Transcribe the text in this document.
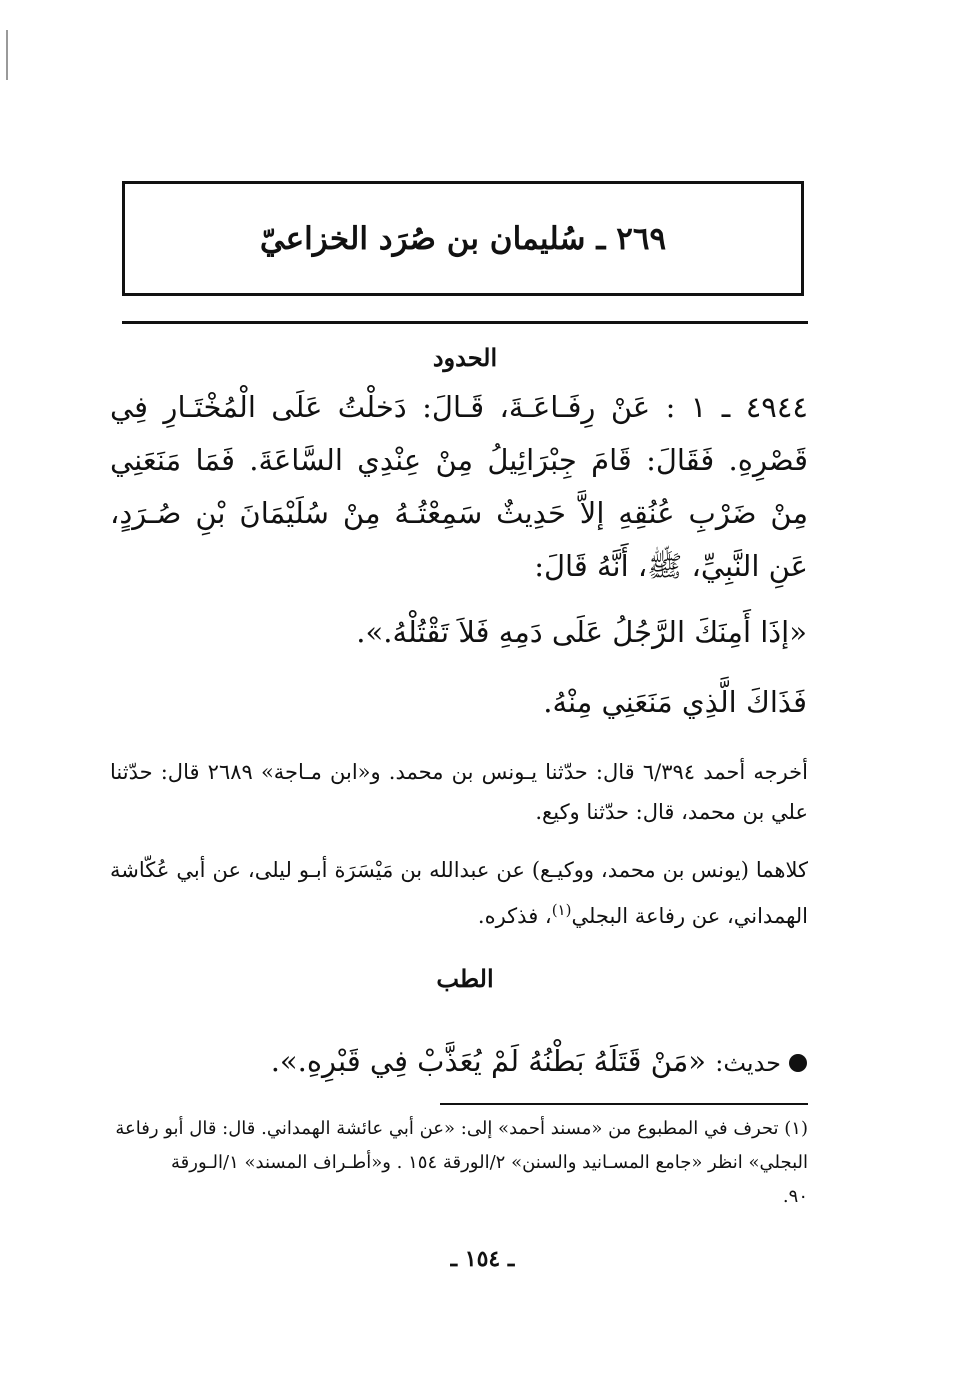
٢٦٩ ـ سُليمان بن صُرَد الخزاعيّ
الحدود
٤٩٤٤ ـ ١ : عَنْ رِفَـاعَـةَ، قَـالَ: دَخلْتُ عَلَى الْمُخْتَـارِ فِي قَصْرِهِ. فَقَالَ: قَامَ جِبْرَائِيلُ مِنْ عِنْدِي السَّاعَةَ. فَمَا مَنَعَنِي مِنْ ضَرْبِ عُنُقِهِ إلاَّ حَدِيثٌ سَمِعْتُـهُ مِنْ سُلَيْمَانَ بْنِ صُـرَدٍ، عَنِ النَّبِيِّ، ﷺ، أَنَّهُ قَالَ:
«إذَا أَمِنَكَ الرَّجُلُ عَلَى دَمِهِ فَلاَ تَقْتُلْهُ.».
فَذَاكَ الَّذِي مَنَعَنِي مِنْهُ.
أخرجه أحمد ٦/٣٩٤ قال: حدّثنا يـونس بن محمد. و«ابن مـاجة» ٢٦٨٩ قال: حدّثنا علي بن محمد، قال: حدّثنا وكيع.
كلاهما (يونس بن محمد، ووكيـع) عن عبدالله بن مَيْسَرَة أبـو ليلى، عن أبي عُكّاشة الهمداني، عن رفاعة البجلي$^{(١)}$، فذكره.
الطب
حديث: «مَنْ قَتَلَهُ بَطْنُهُ لَمْ يُعَذَّبْ فِي قَبْرِهِ.».
(١) تحرف في المطبوع من «مسند أحمد» إلى: «عن أبي عائشة الهمداني. قال: قال أبو رفاعة
البجلي» انظر «جامع المسـانيد والسنن» ٢/الورقة ١٥٤ . و«أطـراف المسند» ١/الـورقة
٩٠.
ـ ١٥٤ ـ
